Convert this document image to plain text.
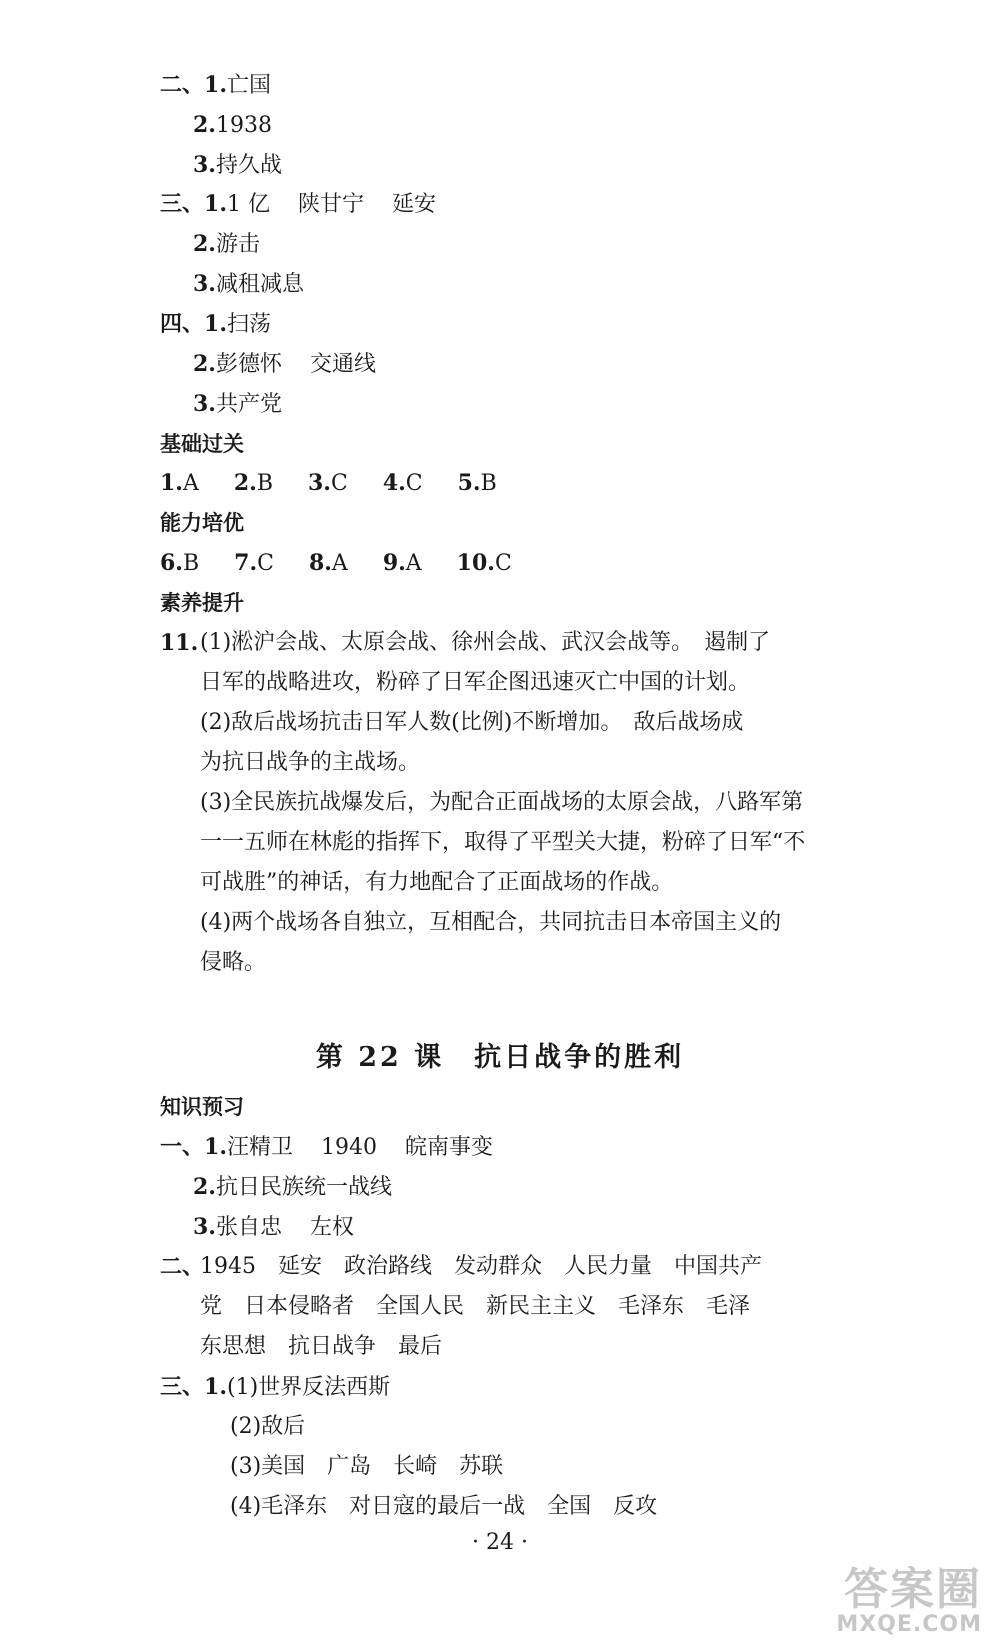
二、1.亡国
2.1938
3.持久战
三、1.1 亿 陕甘宁 延安
2.游击
3.减租减息
四、1.扫荡
2.彭德怀 交通线
3.共产党
基础过关
1.A 2.B 3.C 4.C 5.B
能力培优
6.B 7.C 8.A 9.A 10.C
素养提升
11. (1)淞沪会战、太原会战、徐州会战、武汉会战等。　遏制了
日军的战略进攻，粉碎了日军企图迅速灭亡中国的计划。
(2)敌后战场抗击日军人数(比例)不断增加。　敌后战场成
为抗日战争的主战场。
(3)全民族抗战爆发后，为配合正面战场的太原会战，八路军第
一一五师在林彪的指挥下，取得了平型关大捷，粉碎了日军“不
可战胜”的神话，有力地配合了正面战场的作战。
(4)两个战场各自独立，互相配合，共同抗击日本帝国主义的
侵略。
第 22 课　抗日战争的胜利
知识预习
一、1.汪精卫 1940 皖南事变
2.抗日民族统一战线
3.张自忠 左权
二、
1945　延安　政治路线　发动群众　人民力量　中国共产
党　日本侵略者　全国人民　新民主主义　毛泽东　毛泽
东思想　抗日战争　最后
三、1.(1)世界反法西斯
(2)敌后
(3)美国　广岛　长崎　苏联
(4)毛泽东　对日寇的最后一战　全国　反攻
· 24 ·
答案圈
MXQE.COM
